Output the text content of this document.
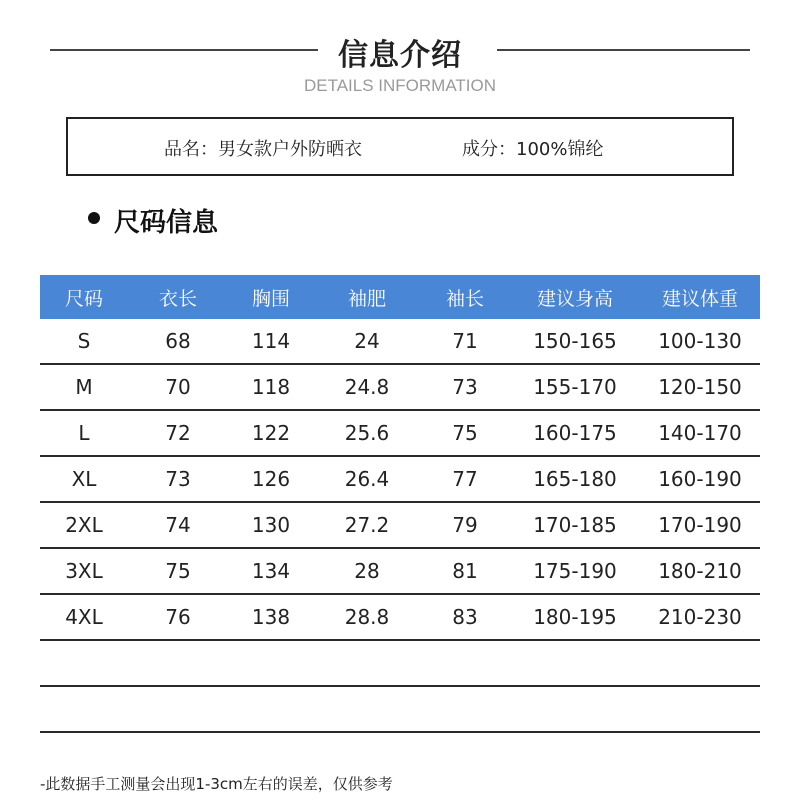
信息介绍
DETAILS INFORMATION
品名：男女款户外防晒衣	成分：100%锦纶
尺码信息
尺码	衣长	胸围	袖肥	袖长	建议身高	建议体重
S	68	114	24	71	150-165	100-130
M	70	118	24.8	73	155-170	120-150
L	72	122	25.6	75	160-175	140-170
XL	73	126	26.4	77	165-180	160-190
2XL	74	130	27.2	79	170-185	170-190
3XL	75	134	28	81	175-190	180-210
4XL	76	138	28.8	83	180-195	210-230
-此数据手工测量会出现1-3cm左右的误差，仅供参考
